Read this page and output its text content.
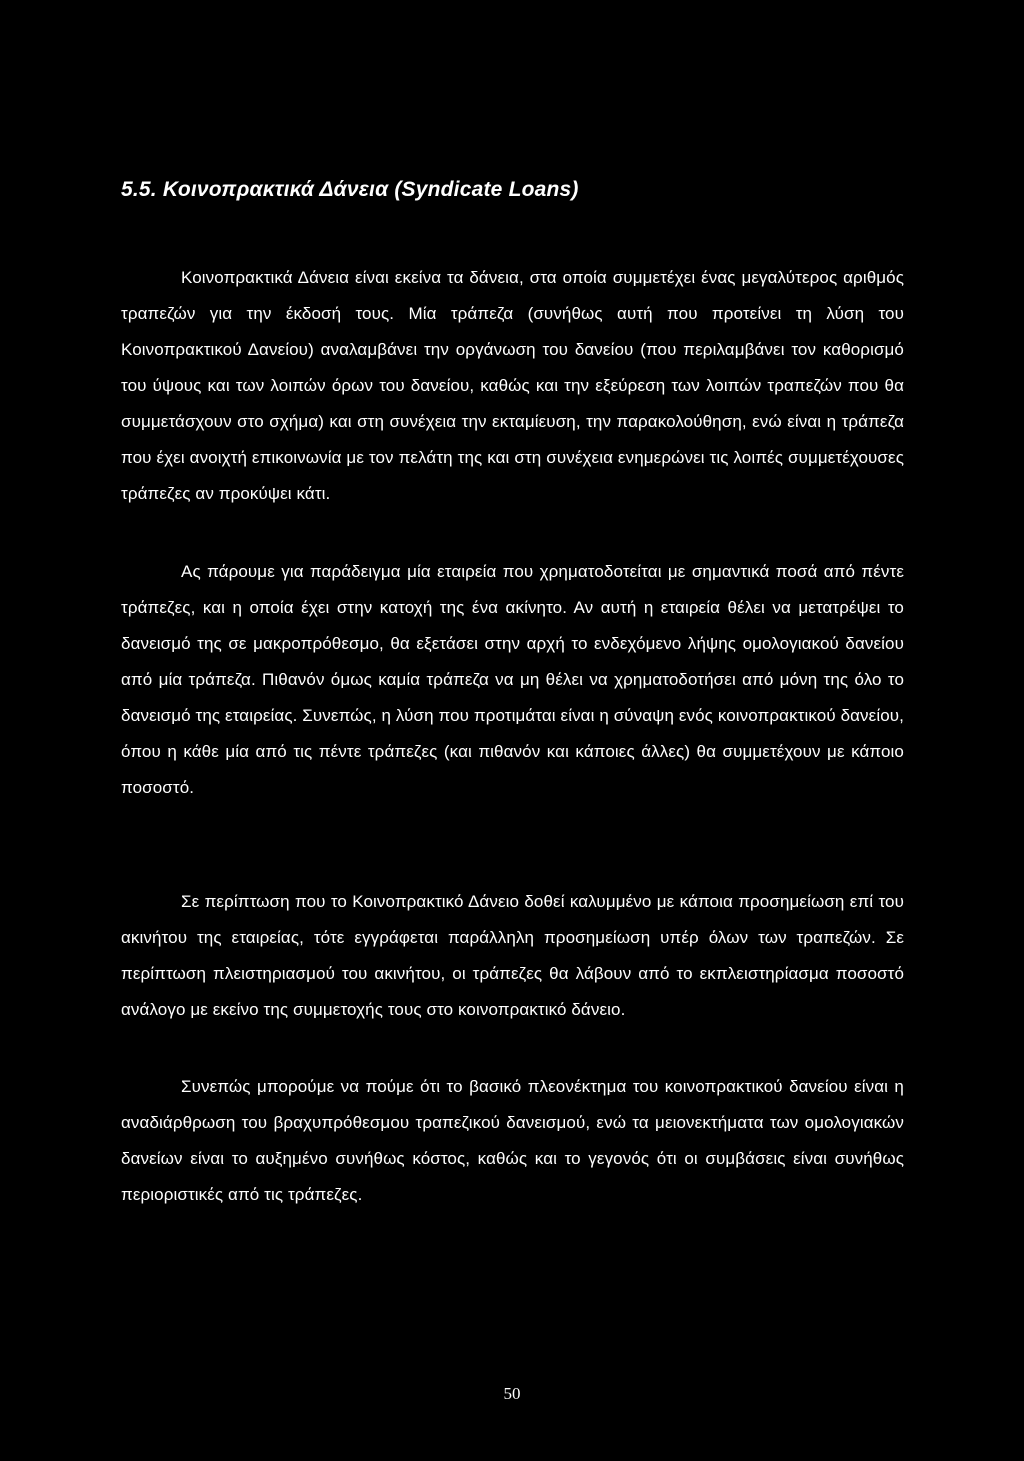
5.5. Κοινοπρακτικά Δάνεια (Syndicate Loans)

Κοινοπρακτικά Δάνεια είναι εκείνα τα δάνεια, στα οποία συμμετέχει ένας μεγαλύτερος αριθμός τραπεζών για την έκδοσή τους. Μία τράπεζα (συνήθως αυτή που προτείνει τη λύση του Κοινοπρακτικού Δανείου) αναλαμβάνει την οργάνωση του δανείου (που περιλαμβάνει τον καθορισμό του ύψους και των λοιπών όρων του δανείου, καθώς και την εξεύρεση των λοιπών τραπεζών που θα συμμετάσχουν στο σχήμα) και στη συνέχεια την εκταμίευση, την παρακολούθηση, ενώ είναι η τράπεζα που έχει ανοιχτή επικοινωνία με τον πελάτη της και στη συνέχεια ενημερώνει τις λοιπές συμμετέχουσες τράπεζες αν προκύψει κάτι.

Ας πάρουμε για παράδειγμα μία εταιρεία που χρηματοδοτείται με σημαντικά ποσά από πέντε τράπεζες, και η οποία έχει στην κατοχή της ένα ακίνητο. Αν αυτή η εταιρεία θέλει να μετατρέψει το δανεισμό της σε μακροπρόθεσμο, θα εξετάσει στην αρχή το ενδεχόμενο λήψης ομολογιακού δανείου από μία τράπεζα. Πιθανόν όμως καμία τράπεζα να μη θέλει να χρηματοδοτήσει από μόνη της όλο το δανεισμό της εταιρείας. Συνεπώς, η λύση που προτιμάται είναι η σύναψη ενός κοινοπρακτικού δανείου, όπου η κάθε μία από τις πέντε τράπεζες (και πιθανόν και κάποιες άλλες) θα συμμετέχουν με κάποιο ποσοστό.

Σε περίπτωση που το Κοινοπρακτικό Δάνειο δοθεί καλυμμένο με κάποια προσημείωση επί του ακινήτου της εταιρείας, τότε εγγράφεται παράλληλη προσημείωση υπέρ όλων των τραπεζών. Σε περίπτωση πλειστηριασμού του ακινήτου, οι τράπεζες θα λάβουν από το εκπλειστηρίασμα ποσοστό ανάλογο με εκείνο της συμμετοχής τους στο κοινοπρακτικό δάνειο.

Συνεπώς μπορούμε να πούμε ότι το βασικό πλεονέκτημα του κοινοπρακτικού δανείου είναι η αναδιάρθρωση του βραχυπρόθεσμου τραπεζικού δανεισμού, ενώ τα μειονεκτήματα των ομολογιακών δανείων είναι το αυξημένο συνήθως κόστος, καθώς και το γεγονός ότι οι συμβάσεις είναι συνήθως περιοριστικές από τις τράπεζες.

50
